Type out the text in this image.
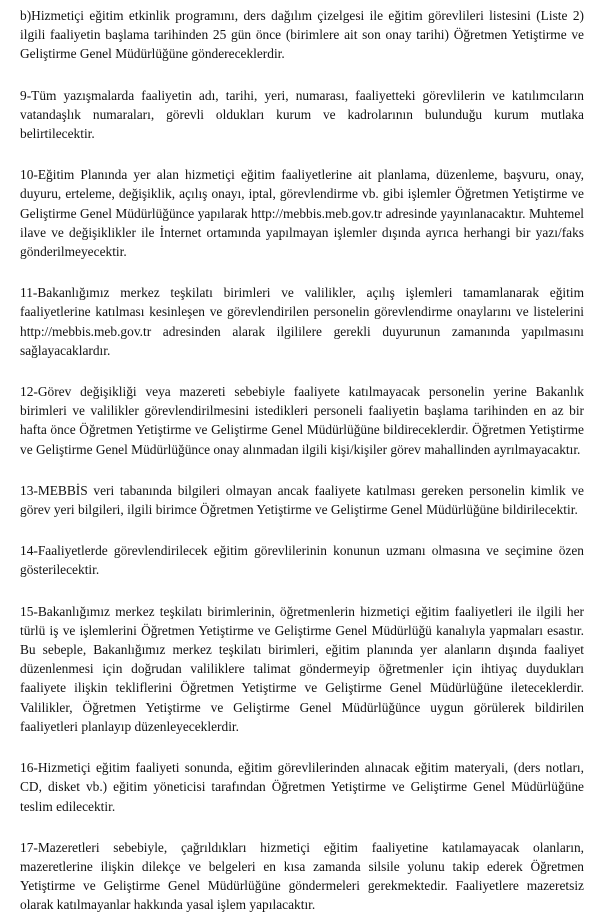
b)Hizmetiçi eğitim etkinlik programını, ders dağılım çizelgesi ile eğitim görevlileri listesini (Liste 2) ilgili faaliyetin başlama tarihinden 25 gün önce (birimlere ait son onay tarihi) Öğretmen Yetiştirme ve Geliştirme Genel Müdürlüğüne göndereceklerdir.

9-Tüm yazışmalarda faaliyetin adı, tarihi, yeri, numarası, faaliyetteki görevlilerin ve katılımcıların vatandaşlık numaraları, görevli oldukları kurum ve kadrolarının bulunduğu kurum mutlaka belirtilecektir.

10-Eğitim Planında yer alan hizmetiçi eğitim faaliyetlerine ait planlama, düzenleme, başvuru, onay, duyuru, erteleme, değişiklik, açılış onayı, iptal, görevlendirme vb. gibi işlemler Öğretmen Yetiştirme ve Geliştirme Genel Müdürlüğünce yapılarak http://mebbis.meb.gov.tr adresinde yayınlanacaktır. Muhtemel ilave ve değişiklikler ile İnternet ortamında yapılmayan işlemler dışında ayrıca herhangi bir yazı/faks gönderilmeyecektir.

11-Bakanlığımız merkez teşkilatı birimleri ve valilikler, açılış işlemleri tamamlanarak eğitim faaliyetlerine katılması kesinleşen ve görevlendirilen personelin görevlendirme onaylarını ve listelerini http://mebbis.meb.gov.tr adresinden alarak ilgililere gerekli duyurunun zamanında yapılmasını sağlayacaklardır.

12-Görev değişikliği veya mazereti sebebiyle faaliyete katılmayacak personelin yerine Bakanlık birimleri ve valilikler görevlendirilmesini istedikleri personeli faaliyetin başlama tarihinden en az bir hafta önce Öğretmen Yetiştirme ve Geliştirme Genel Müdürlüğüne bildireceklerdir. Öğretmen Yetiştirme ve Geliştirme Genel Müdürlüğünce onay alınmadan ilgili kişi/kişiler görev mahallinden ayrılmayacaktır.

13-MEBBİS veri tabanında bilgileri olmayan ancak faaliyete katılması gereken personelin kimlik ve görev yeri bilgileri, ilgili birimce Öğretmen Yetiştirme ve Geliştirme Genel Müdürlüğüne bildirilecektir.

14-Faaliyetlerde görevlendirilecek eğitim görevlilerinin konunun uzmanı olmasına ve seçimine özen gösterilecektir.

15-Bakanlığımız merkez teşkilatı birimlerinin, öğretmenlerin hizmetiçi eğitim faaliyetleri ile ilgili her türlü iş ve işlemlerini Öğretmen Yetiştirme ve Geliştirme Genel Müdürlüğü kanalıyla yapmaları esastır. Bu sebeple, Bakanlığımız merkez teşkilatı birimleri, eğitim planında yer alanların dışında faaliyet düzenlenmesi için doğrudan valiliklere talimat göndermeyip öğretmenler için ihtiyaç duydukları faaliyete ilişkin tekliflerini Öğretmen Yetiştirme ve Geliştirme Genel Müdürlüğüne ileteceklerdir. Valilikler, Öğretmen Yetiştirme ve Geliştirme Genel Müdürlüğünce uygun görülerek bildirilen faaliyetleri planlayıp düzenleyeceklerdir.

16-Hizmetiçi eğitim faaliyeti sonunda, eğitim görevlilerinden alınacak eğitim materyali, (ders notları, CD, disket vb.) eğitim yöneticisi tarafından Öğretmen Yetiştirme ve Geliştirme Genel Müdürlüğüne teslim edilecektir.

17-Mazeretleri sebebiyle, çağrıldıkları hizmetiçi eğitim faaliyetine katılamayacak olanların, mazeretlerine ilişkin dilekçe ve belgeleri en kısa zamanda silsile yolunu takip ederek Öğretmen Yetiştirme ve Geliştirme Genel Müdürlüğüne göndermeleri gerekmektedir. Faaliyetlere mazeretsiz olarak katılmayanlar hakkında yasal işlem yapılacaktır.
